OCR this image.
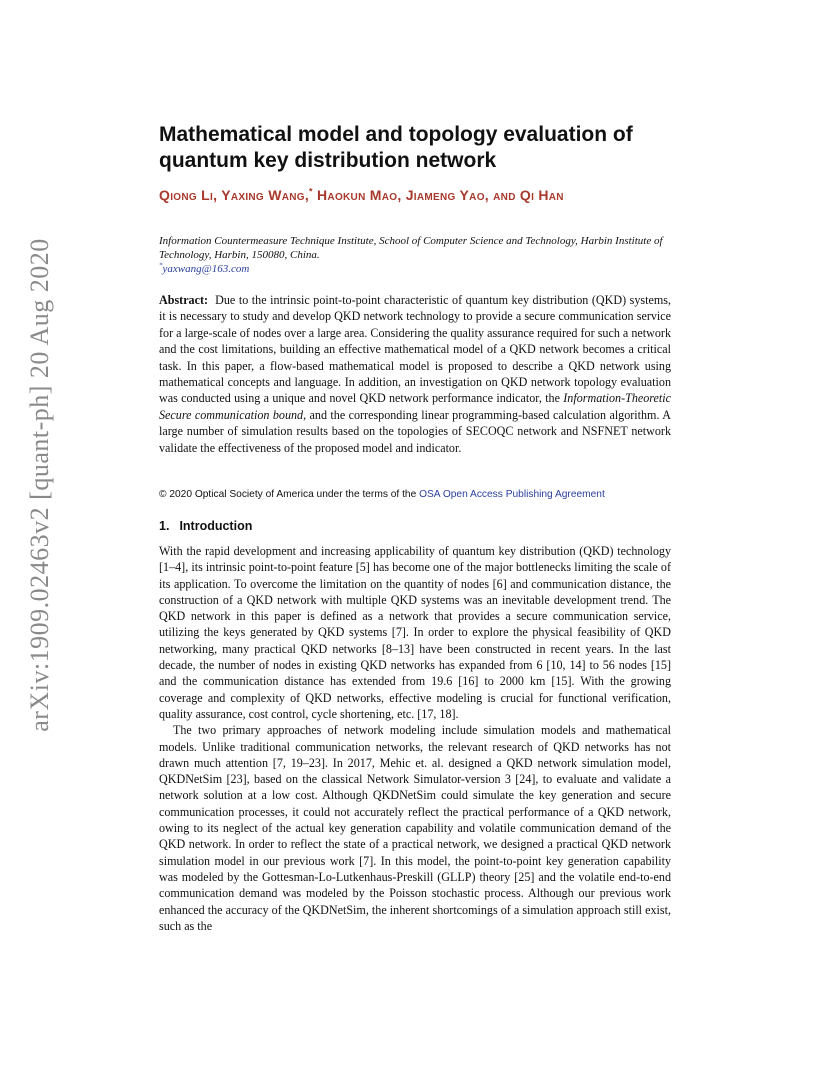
arXiv:1909.02463v2 [quant-ph] 20 Aug 2020
Mathematical model and topology evaluation of quantum key distribution network
Qiong Li, Yaxing Wang,* Haokun Mao, Jiameng Yao, and Qi Han
Information Countermeasure Technique Institute, School of Computer Science and Technology, Harbin Institute of Technology, Harbin, 150080, China.
*yaxwang@163.com
Abstract: Due to the intrinsic point-to-point characteristic of quantum key distribution (QKD) systems, it is necessary to study and develop QKD network technology to provide a secure communication service for a large-scale of nodes over a large area. Considering the quality assurance required for such a network and the cost limitations, building an effective mathematical model of a QKD network becomes a critical task. In this paper, a flow-based mathematical model is proposed to describe a QKD network using mathematical concepts and language. In addition, an investigation on QKD network topology evaluation was conducted using a unique and novel QKD network performance indicator, the Information-Theoretic Secure communication bound, and the corresponding linear programming-based calculation algorithm. A large number of simulation results based on the topologies of SECOQC network and NSFNET network validate the effectiveness of the proposed model and indicator.
© 2020 Optical Society of America under the terms of the OSA Open Access Publishing Agreement
1. Introduction

With the rapid development and increasing applicability of quantum key distribution (QKD) technology [1–4], its intrinsic point-to-point feature [5] has become one of the major bottlenecks limiting the scale of its application. To overcome the limitation on the quantity of nodes [6] and communication distance, the construction of a QKD network with multiple QKD systems was an inevitable development trend. The QKD network in this paper is defined as a network that provides a secure communication service, utilizing the keys generated by QKD systems [7]. In order to explore the physical feasibility of QKD networking, many practical QKD networks [8–13] have been constructed in recent years. In the last decade, the number of nodes in existing QKD networks has expanded from 6 [10, 14] to 56 nodes [15] and the communication distance has extended from 19.6 [16] to 2000 km [15]. With the growing coverage and complexity of QKD networks, effective modeling is crucial for functional verification, quality assurance, cost control, cycle shortening, etc. [17, 18].

The two primary approaches of network modeling include simulation models and mathematical models. Unlike traditional communication networks, the relevant research of QKD networks has not drawn much attention [7, 19–23]. In 2017, Mehic et. al. designed a QKD network simulation model, QKDNetSim [23], based on the classical Network Simulator-version 3 [24], to evaluate and validate a network solution at a low cost. Although QKDNetSim could simulate the key generation and secure communication processes, it could not accurately reflect the practical performance of a QKD network, owing to its neglect of the actual key generation capability and volatile communication demand of the QKD network. In order to reflect the state of a practical network, we designed a practical QKD network simulation model in our previous work [7]. In this model, the point-to-point key generation capability was modeled by the Gottesman-Lo-Lutkenhaus-Preskill (GLLP) theory [25] and the volatile end-to-end communication demand was modeled by the Poisson stochastic process. Although our previous work enhanced the accuracy of the QKDNetSim, the inherent shortcomings of a simulation approach still exist, such as the
